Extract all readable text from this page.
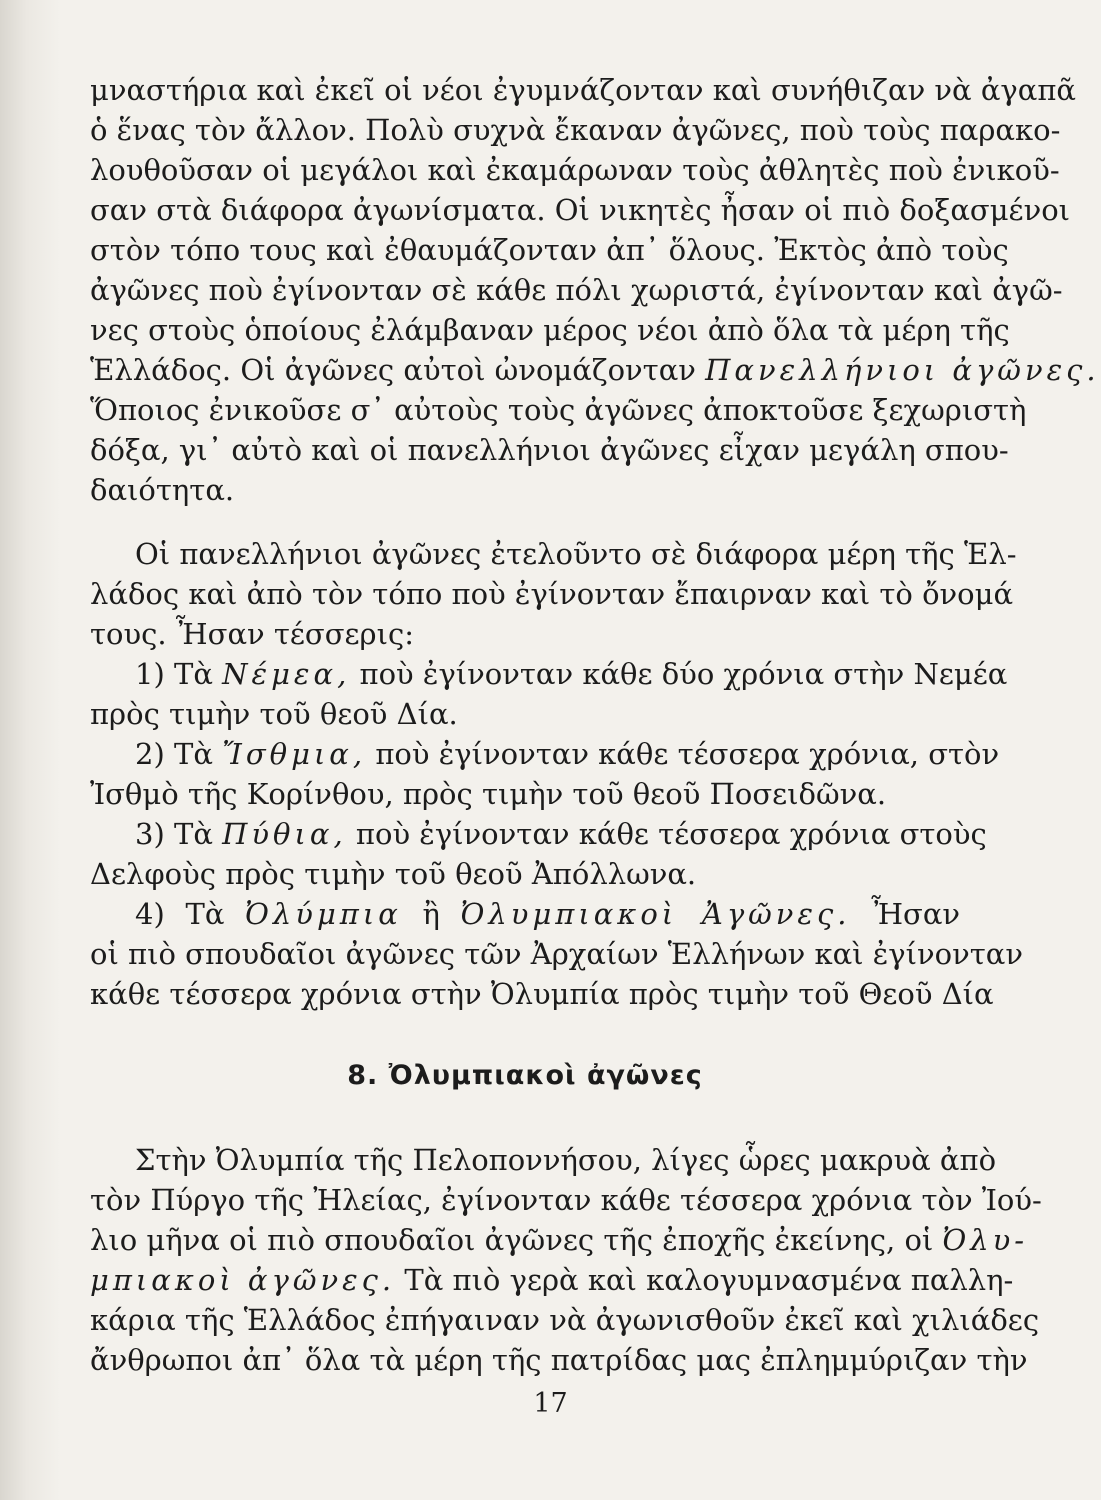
μναστήρια καὶ ἐκεῖ οἱ νέοι ἐγυμνάζονταν καὶ συνήθιζαν νὰ ἀγαπᾶ
ὁ ἕνας τὸν ἄλλον. Πολὺ συχνὰ ἔκαναν ἀγῶνες, ποὺ τοὺς παρακο-
λουθοῦσαν οἱ μεγάλοι καὶ ἐκαμάρωναν τοὺς ἀθλητὲς ποὺ ἐνικοῦ-
σαν στὰ διάφορα ἀγωνίσματα. Οἱ νικητὲς ἦσαν οἱ πιὸ δοξασμένοι
στὸν τόπο τους καὶ ἐθαυμάζονταν ἀπ᾽ ὅλους. Ἐκτὸς ἀπὸ τοὺς
ἀγῶνες ποὺ ἐγίνονταν σὲ κάθε πόλι χωριστά, ἐγίνονταν καὶ ἀγῶ-
νες στοὺς ὁποίους ἐλάμβαναν μέρος νέοι ἀπὸ ὅλα τὰ μέρη τῆς
Ἑλλάδος. Οἱ ἀγῶνες αὐτοὶ ὠνομάζονταν Πανελλήνιοι ἀγῶνες.
Ὅποιος ἐνικοῦσε σ᾽ αὐτοὺς τοὺς ἀγῶνες ἀποκτοῦσε ξεχωριστὴ
δόξα, γι᾽ αὐτὸ καὶ οἱ πανελλήνιοι ἀγῶνες εἶχαν μεγάλη σπου-
δαιότητα.
Οἱ πανελλήνιοι ἀγῶνες ἐτελοῦντο σὲ διάφορα μέρη τῆς Ἑλ-
λάδος καὶ ἀπὸ τὸν τόπο ποὺ ἐγίνονταν ἔπαιρναν καὶ τὸ ὄνομά
τους. Ἦσαν τέσσερις:
1) Τὰ Νέμεα, ποὺ ἐγίνονταν κάθε δύο χρόνια στὴν Νεμέα
πρὸς τιμὴν τοῦ θεοῦ Δία.
2) Τὰ Ἴσθμια, ποὺ ἐγίνονταν κάθε τέσσερα χρόνια, στὸν
Ἰσθμὸ τῆς Κορίνθου, πρὸς τιμὴν τοῦ θεοῦ Ποσειδῶνα.
3) Τὰ Πύθια, ποὺ ἐγίνονταν κάθε τέσσερα χρόνια στοὺς
Δελφοὺς πρὸς τιμὴν τοῦ θεοῦ Ἀπόλλωνα.
4) Τὰ Ὀλύμπια ἢ Ὀλυμπιακοὶ Ἀγῶνες. Ἦσαν
οἱ πιὸ σπουδαῖοι ἀγῶνες τῶν Ἀρχαίων Ἑλλήνων καὶ ἐγίνονταν
κάθε τέσσερα χρόνια στὴν Ὀλυμπία πρὸς τιμὴν τοῦ Θεοῦ Δία
8. Ὀλυμπιακοὶ ἀγῶνες
Στὴν Ὀλυμπία τῆς Πελοποννήσου, λίγες ὧρες μακρυὰ ἀπὸ
τὸν Πύργο τῆς Ἠλείας, ἐγίνονταν κάθε τέσσερα χρόνια τὸν Ἰού-
λιο μῆνα οἱ πιὸ σπουδαῖοι ἀγῶνες τῆς ἐποχῆς ἐκείνης, οἱ Ὀλυ-
μπιακοὶ ἀγῶνες. Τὰ πιὸ γερὰ καὶ καλογυμνασμένα παλλη-
κάρια τῆς Ἑλλάδος ἐπήγαιναν νὰ ἀγωνισθοῦν ἐκεῖ καὶ χιλιάδες
ἄνθρωποι ἀπ᾽ ὅλα τὰ μέρη τῆς πατρίδας μας ἐπλημμύριζαν τὴν
17
